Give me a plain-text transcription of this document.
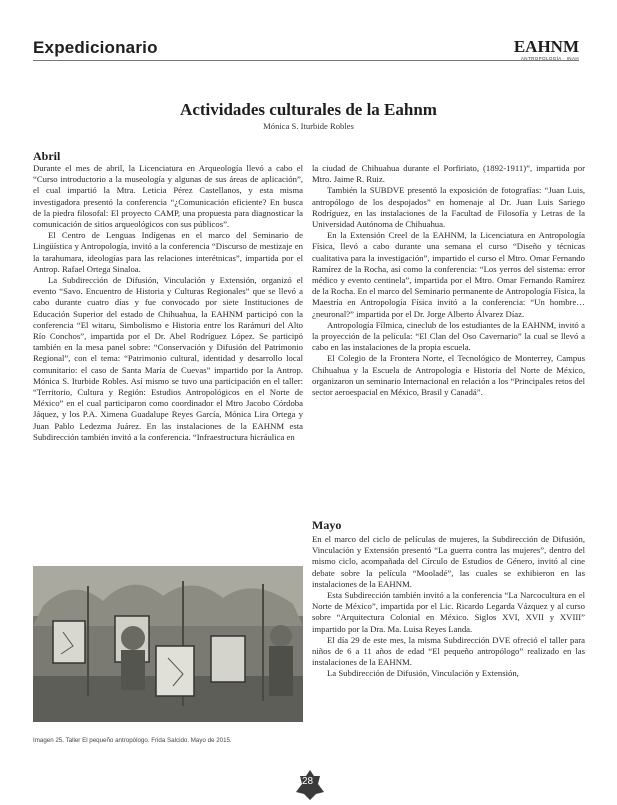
Expedicionario	EAHNM
ANTROPOLOGÍA · INAH
Actividades culturales de la Eahnm
Mónica S. Iturbide Robles
Abril

Durante el mes de abril, la Licenciatura en Arqueología llevó a cabo el “Curso introductorio a la museología y algunas de sus áreas de aplicación”, el cual impartió la Mtra. Leticia Pérez Castellanos, y esta misma investigadora presentó la conferencia “¿Comunicación eficiente? En busca de la piedra filosofal: El proyecto CAMP, una propuesta para diagnosticar la comunicación de sitios arqueológicos con sus públicos”.

El Centro de Lenguas Indígenas en el marco del Seminario de Lingüística y Antropología, invitó a la conferencia “Discurso de mestizaje en la tarahumara, ideologías para las relaciones interétnicas”, impartida por el Antrop. Rafael Ortega Sinaloa.

La Subdirección de Difusión, Vinculación y Extensión, organizó el evento “Savo. Encuentro de Historia y Culturas Regionales” que se llevó a cabo durante cuatro días y fue convocado por siete Instituciones de Educación Superior del estado de Chihuahua, la EAHNM participó con la conferencia “El witaru, Simbolismo e Historia entre los Rarámuri del Alto Río Conchos”, impartida por el Dr. Abel Rodríguez López. Se participó también en la mesa panel sobre: “Conservación y Difusión del Patrimonio Regional”, con el tema: “Patrimonio cultural, identidad y desarrollo local comunitario: el caso de Santa María de Cuevas” impartido por la Antrop. Mónica S. Iturbide Robles. Así mismo se tuvo una participación en el taller: “Territorio, Cultura y Región: Estudios Antropológicos en el Norte de México” en el cual participaron como coordinador el Mtro Jacobo Córdoba Jáquez, y los P.A. Ximena Guadalupe Reyes García, Mónica Lira Ortega y Juan Pablo Ledezma Juárez. En las instalaciones de la EAHNM esta Subdirección también invitó a la conferencia. “Infraestructura hicráulica en

Imagen 25. Taller El pequeño antropólogo. Frida Salcido. Mayo de 2015.

la ciudad de Chihuahua durante el Porfiriato, (1892-1911)”, impartida por Mtro. Jaime R. Ruiz.

También la SUBDVE presentó la exposición de fotografías: “Juan Luis, antropólogo de los despojados” en homenaje al Dr. Juan Luis Sariego Rodríguez, en las instalaciones de la Facultad de Filosofía y Letras de la Universidad Autónoma de Chihuahua.

En la Extensión Creel de la EAHNM, la Licenciatura en Antropología Física, llevó a cabo durante una semana el curso “Diseño y técnicas cualitativa para la investigación”, impartido el curso el Mtro. Omar Fernando Ramírez de la Rocha, así como la conferencia: “Los yerros del sistema: error médico y evento centinela”, impartida por el Mtro. Omar Fernando Ramírez de la Rocha. En el marco del Seminario permanente de Antropología Física, la Maestría en Antropología Física invitó a la conferencia: “Un hombre… ¿neuronal?” impartida por el Dr. Jorge Alberto Álvarez Díaz.

Antropología Fílmica, cineclub de los estudiantes de la EAHNM, invitó a la proyección de la película: “El Clan del Oso Cavernario” la cual se llevó a cabo en las instalaciones de la propia escuela.

El Colegio de la Frontera Norte, el Tecnológico de Monterrey, Campus Chihuahua y la Escuela de Antropología e Historia del Norte de México, organizaron un seminario Internacional en relación a los “Principales retos del sector aeroespacial en México, Brasil y Canadá”.

Mayo

En el marco del ciclo de películas de mujeres, la Subdirección de Difusión, Vinculación y Extensión presentó “La guerra contra las mujeres”, dentro del mismo ciclo, acompañada del Círculo de Estudios de Género, invitó al cine debate sobre la película “Mooladé”, las cuales se exhibieron en las instalaciones de la EAHNM.

Esta Subdirección también invitó a la conferencia “La Narcocultura en el Norte de México”, impartida por el Lic. Ricardo Legarda Vázquez y al curso sobre “Arquitectura Colonial en México. Siglos XVI, XVII y XVIII” impartido por la Dra. Ma. Luisa Reyes Landa.

El día 29 de este mes, la misma Subdirección DVE ofreció el taller para niños de 6 a 11 años de edad “El pequeño antropólogo” realizado en las instalaciones de la EAHNM.

La Subdirección de Difusión, Vinculación y Extensión,

28
